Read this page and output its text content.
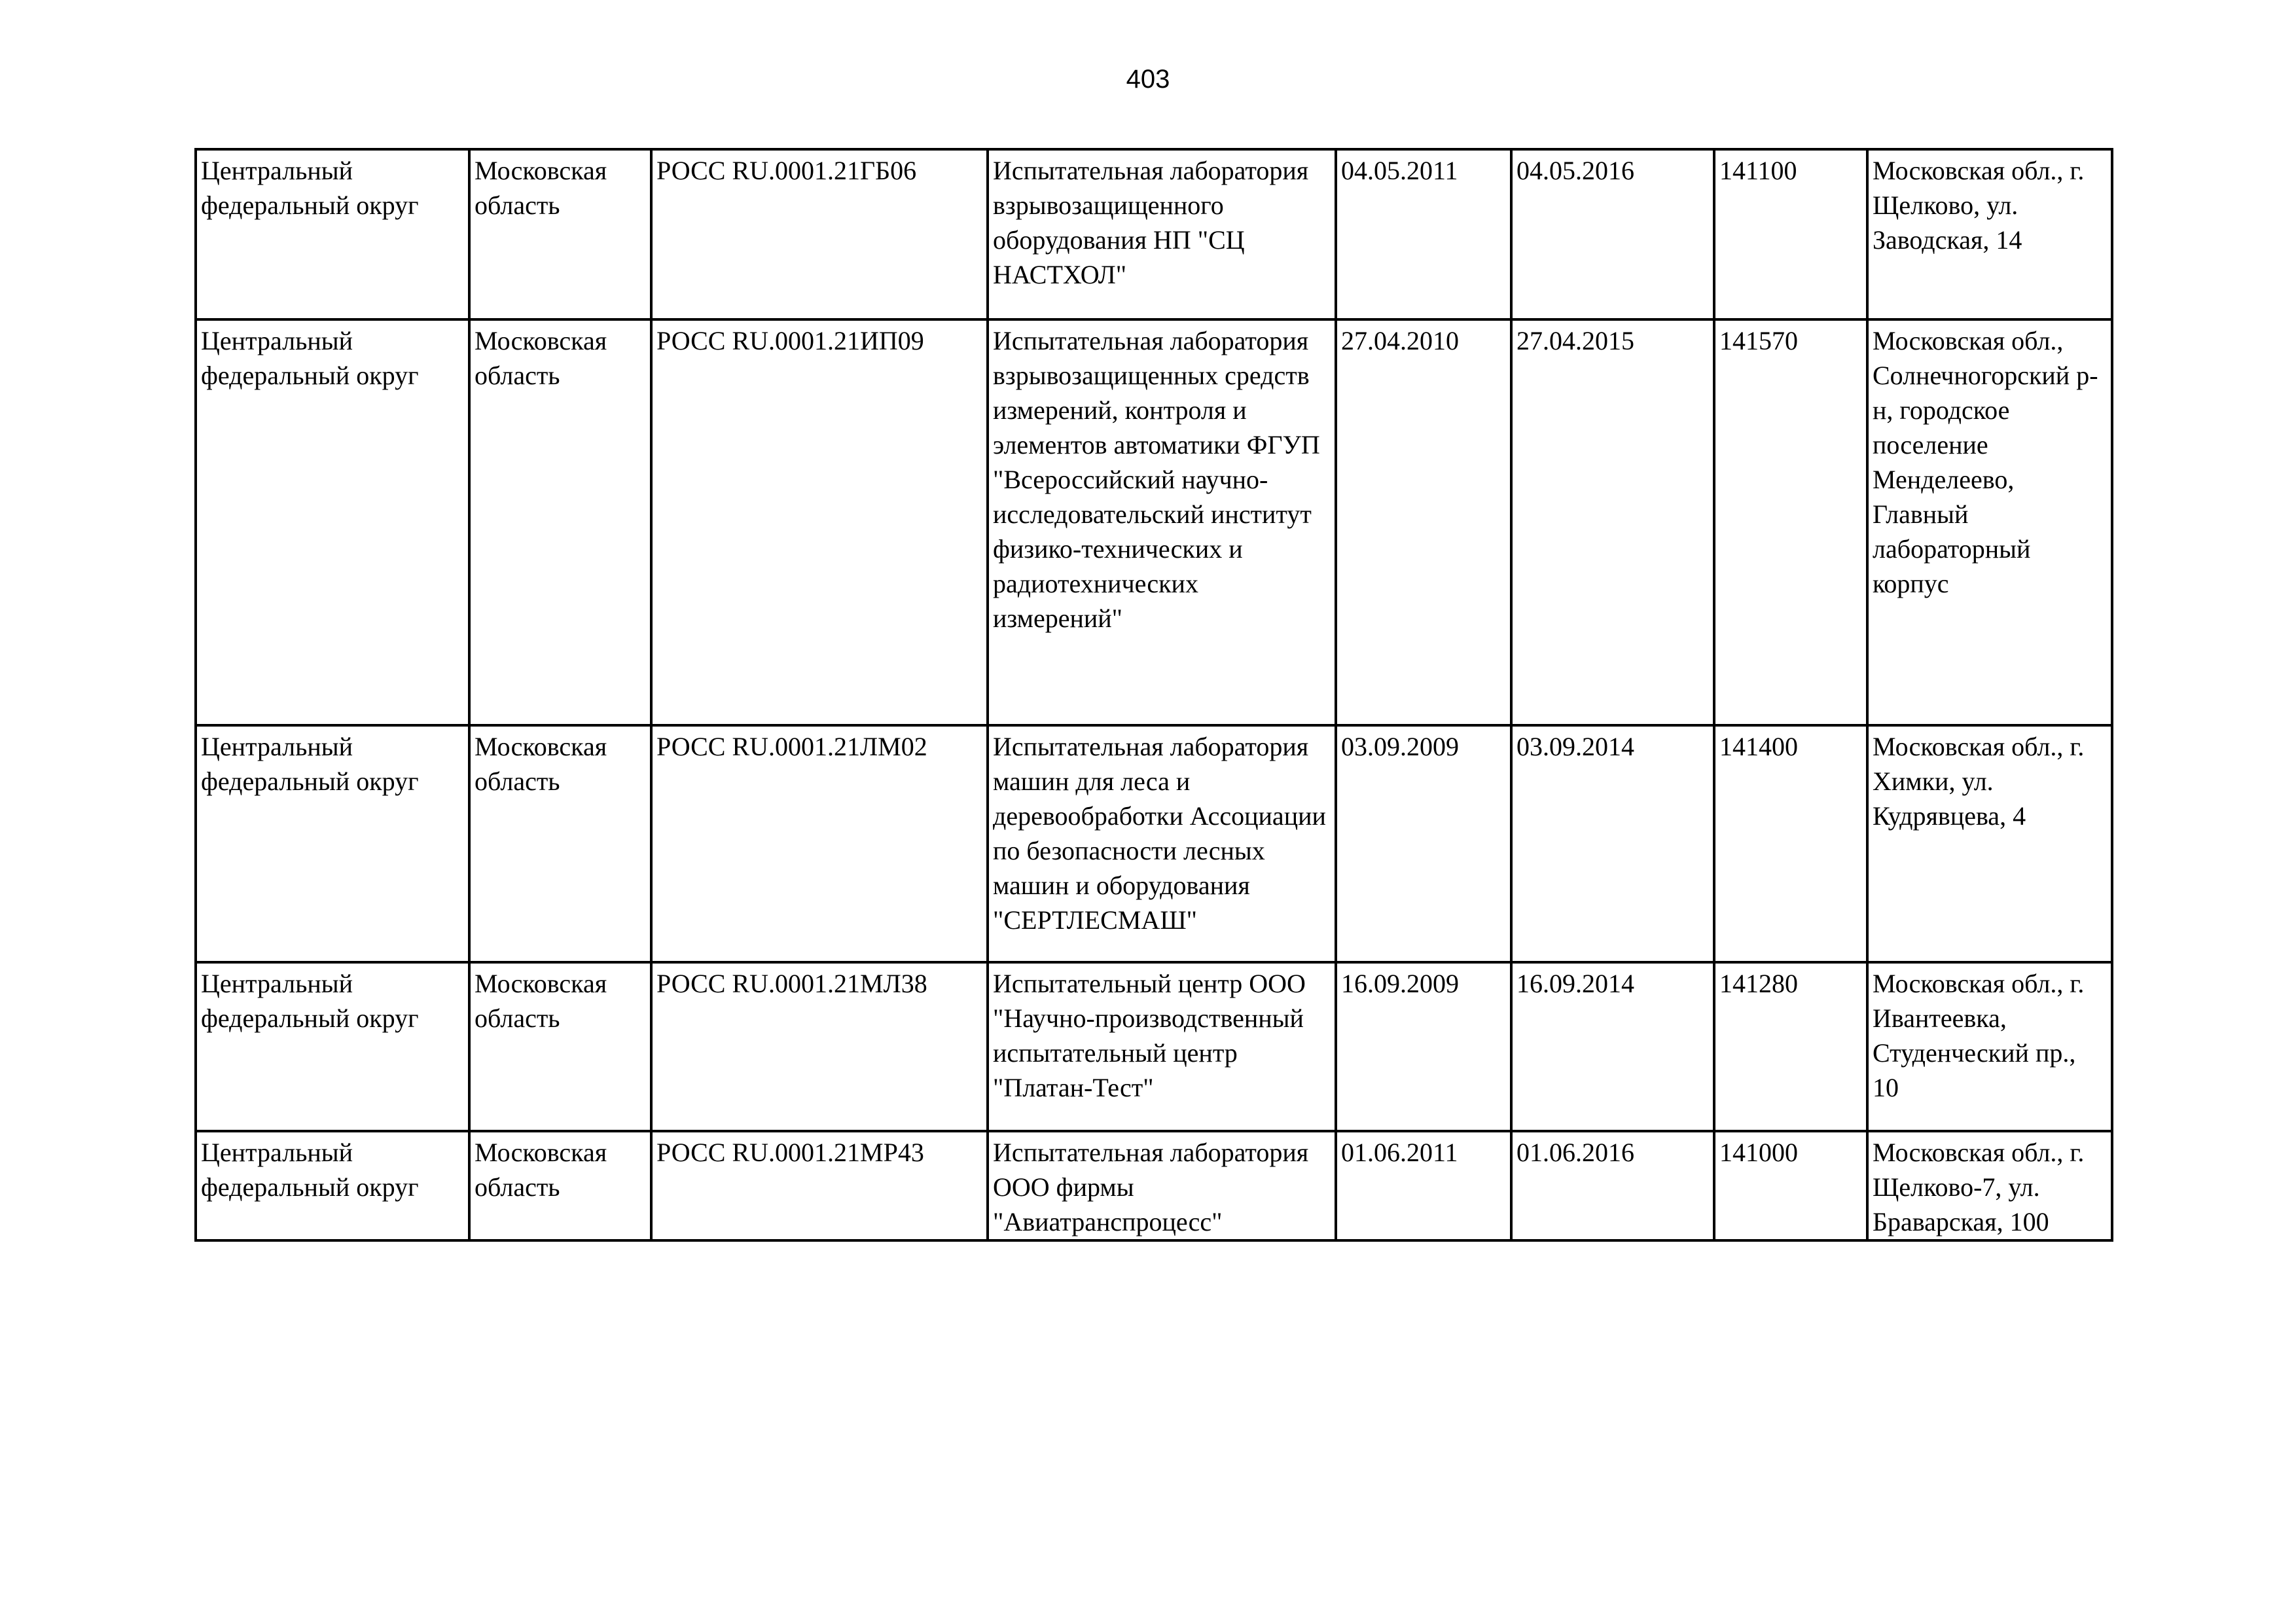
403
Центральный федеральный округ	Московская область	РОСС RU.0001.21ГБ06	Испытательная лаборатория взрывозащищенного оборудования НП "СЦ НАСТХОЛ"	04.05.2011	04.05.2016	141100	Московская обл., г. Щелково, ул. Заводская, 14
Центральный федеральный округ	Московская область	РОСС RU.0001.21ИП09	Испытательная лаборатория взрывозащищенных средств измерений, контроля и элементов автоматики ФГУП "Всероссийский научно-исследовательский институт физико-технических и радиотехнических измерений"	27.04.2010	27.04.2015	141570	Московская обл., Солнечногорский р-н, городское поселение Менделеево, Главный лабораторный корпус
Центральный федеральный округ	Московская область	РОСС RU.0001.21ЛМ02	Испытательная лаборатория машин для леса и деревообработки Ассоциации по безопасности лесных машин и оборудования "СЕРТЛЕСМАШ"	03.09.2009	03.09.2014	141400	Московская обл., г. Химки, ул. Кудрявцева, 4
Центральный федеральный округ	Московская область	РОСС RU.0001.21МЛ38	Испытательный центр ООО "Научно-производственный испытательный центр "Платан-Тест"	16.09.2009	16.09.2014	141280	Московская обл., г. Ивантеевка, Студенческий пр., 10
Центральный федеральный округ	Московская область	РОСС RU.0001.21МР43	Испытательная лаборатория ООО фирмы "Авиатранспроцесс"	01.06.2011	01.06.2016	141000	Московская обл., г. Щелково-7, ул. Браварская, 100
